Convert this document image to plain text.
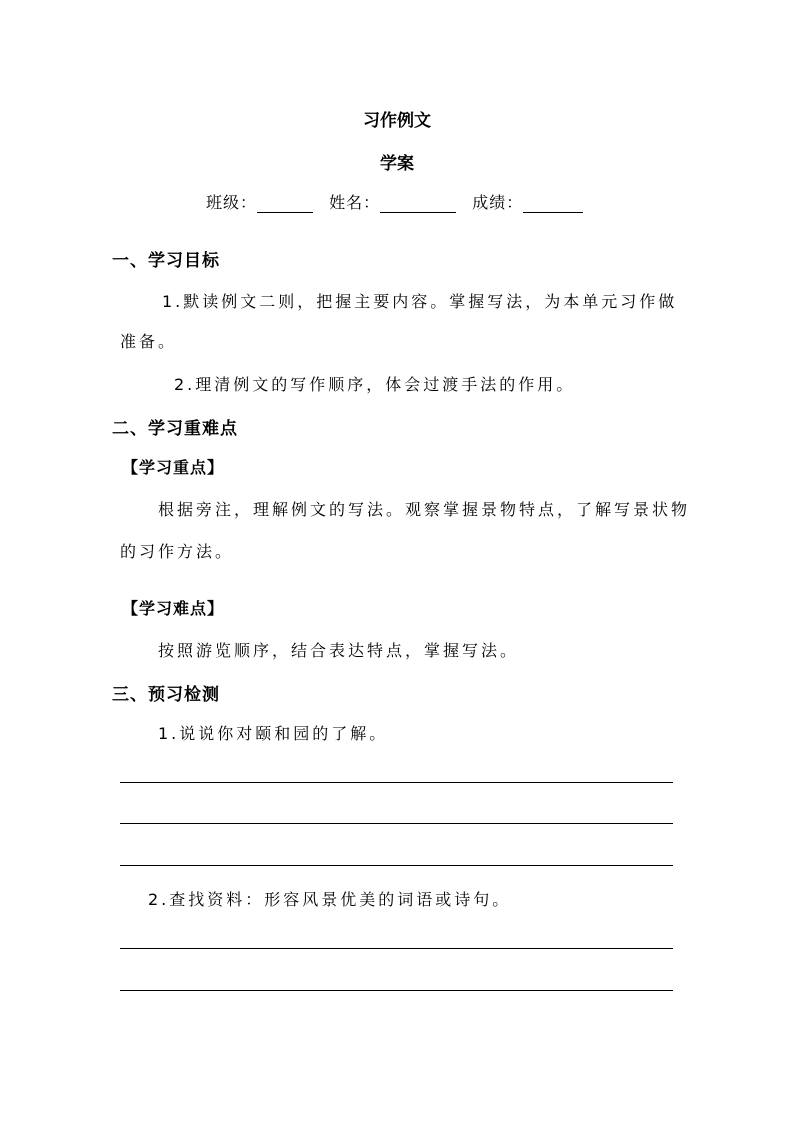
习作例文
学案
班级：	姓名：	成绩：
一、学习目标
1.默读例文二则，把握主要内容。掌握写法，为本单元习作做
准备。
2.理清例文的写作顺序，体会过渡手法的作用。
二、学习重难点
【学习重点】
根据旁注，理解例文的写法。观察掌握景物特点，了解写景状物
的习作方法。
【学习难点】
按照游览顺序，结合表达特点，掌握写法。
三、预习检测
1.说说你对颐和园的了解。
2.查找资料：形容风景优美的词语或诗句。
